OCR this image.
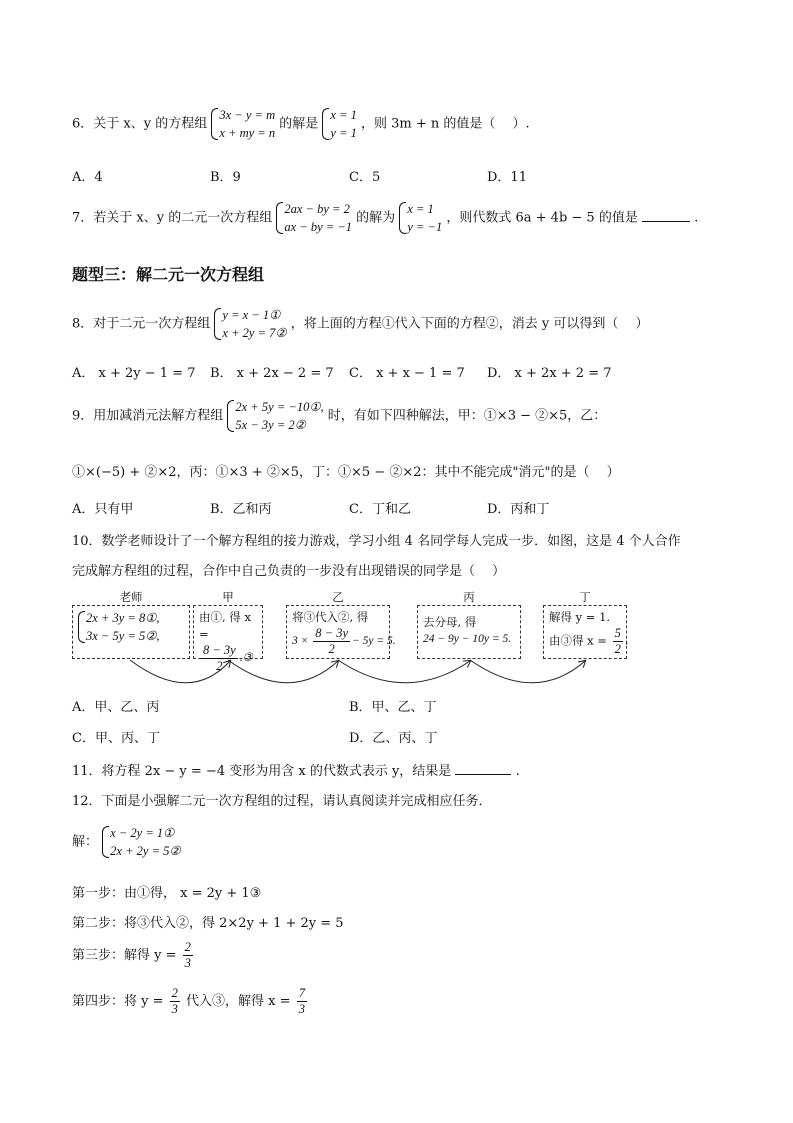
6．关于 x、y 的方程组
3x − y = m
x + my = n
的解是
x = 1
y = 1
，则 3m + n 的值是（　 ）.
A．4	B．9	C．5	D．11
7．若关于 x、y 的二元一次方程组
2ax − by = 2
ax − by = −1
的解为
x = 1
y = −1
，则代数式 6a + 4b − 5 的值是	.
题型三：解二元一次方程组
8．对于二元一次方程组
y = x − 1①
x + 2y = 7②
，将上面的方程①代入下面的方程②，消去 y 可以得到（　 ）
A． x + 2y − 1 = 7 B． x + 2x − 2 = 7 C． x + x − 1 = 7 D． x + 2x + 2 = 7
9．用加减消元法解方程组
2x + 5y = −10①,
5x − 3y = 2②
时，有如下四种解法，甲：①×3 − ②×5，乙：
①×(−5) + ②×2，丙：①×3 + ②×5，丁：①×5 − ②×2：其中不能完成"消元"的是（　 ）
A．只有甲	B．乙和丙	C．丁和乙	D．丙和丁
10．数学老师设计了一个解方程组的接力游戏，学习小组 4 名同学每人完成一步．如图，这是 4 个人合作
完成解方程组的过程，合作中自己负责的一步没有出现错误的同学是（　 ）
老师
2x + 3y = 8①,
3x − 5y = 5②,
甲
由①, 得 x =
$\frac{8 - 3y}{2}$ .③
乙
将③代入②, 得
$3 \times \frac{8 - 3y}{2} - 5y = 5$.
丙
去分母, 得
24 − 9y − 10y = 5.
丁
解得 y = 1.
由③得 $x = \frac{5}{2}$ .
A．甲、乙、丙	B．甲、乙、丁
C．甲、丙、丁	D．乙、丙、丁
11．将方程 2x − y = −4 变形为用含 x 的代数式表示 y，结果是	.
12．下面是小强解二元一次方程组的过程，请认真阅读并完成相应任务．
解：
x − 2y = 1①
2x + 2y = 5②
第一步：由①得， x = 2y + 1③
第二步：将③代入②，得 2×2y + 1 + 2y = 5
第三步：解得 $y = \frac{2}{3}$
第四步：将 $y = \frac{2}{3}$ 代入③，解得 $x = \frac{7}{3}$
